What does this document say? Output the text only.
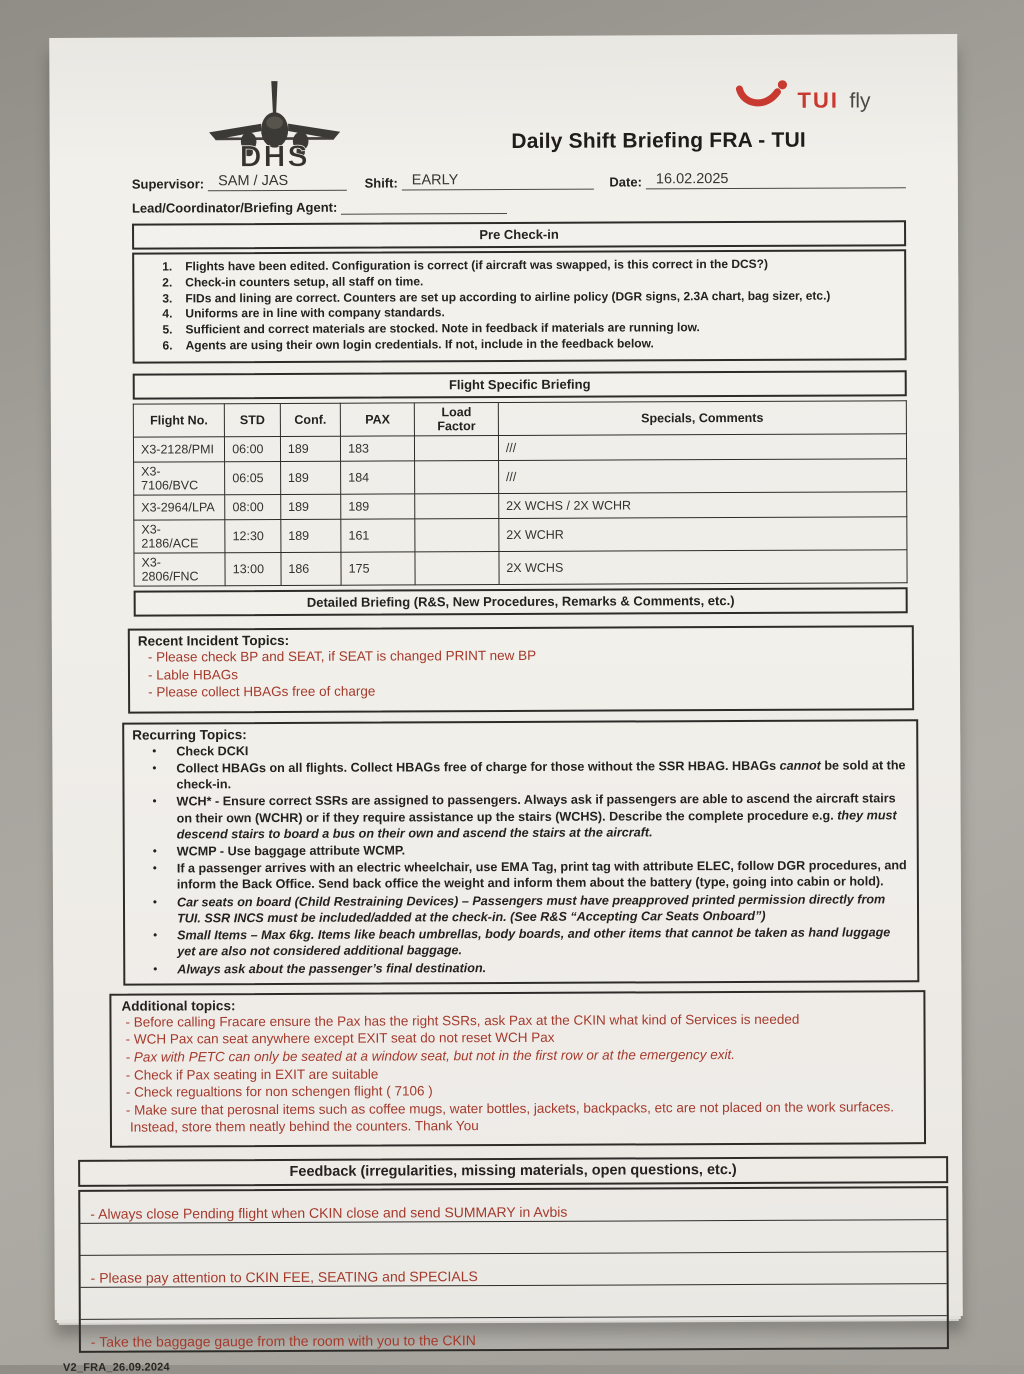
DHS
TUI fly
Daily Shift Briefing FRA - TUI
Supervisor: SAM / JAS	Shift: EARLY	Date: 16.02.2025
Lead/Coordinator/Briefing Agent:
Pre Check-in
1.	Flights have been edited. Configuration is correct (if aircraft was swapped, is this correct in the DCS?)
2.	Check-in counters setup, all staff on time.
3.	FIDs and lining are correct. Counters are set up according to airline policy (DGR signs, 2.3A chart, bag sizer, etc.)
4.	Uniforms are in line with company standards.
5.	Sufficient and correct materials are stocked. Note in feedback if materials are running low.
6.	Agents are using their own login credentials. If not, include in the feedback below.
Flight Specific Briefing
Flight No.	STD	Conf.	PAX	Load Factor	Specials, Comments
X3-2128/PMI	06:00	189	183		///
X3-7106/BVC	06:05	189	184		///
X3-2964/LPA	08:00	189	189		2X WCHS / 2X WCHR
X3-2186/ACE	12:30	189	161		2X WCHR
X3-2806/FNC	13:00	186	175		2X WCHS
Detailed Briefing (R&S, New Procedures, Remarks & Comments, etc.)
Recent Incident Topics:
- Please check BP and SEAT, if SEAT is changed PRINT new BP
- Lable HBAGs
- Please collect HBAGs free of charge
Recurring Topics:
•	Check DCKI
•	Collect HBAGs on all flights. Collect HBAGs free of charge for those without the SSR HBAG. HBAGs cannot be sold at the check-in.
•	WCH* - Ensure correct SSRs are assigned to passengers. Always ask if passengers are able to ascend the aircraft stairs on their own (WCHR) or if they require assistance up the stairs (WCHS). Describe the complete procedure e.g. they must descend stairs to board a bus on their own and ascend the stairs at the aircraft.
•	WCMP - Use baggage attribute WCMP.
•	If a passenger arrives with an electric wheelchair, use EMA Tag, print tag with attribute ELEC, follow DGR procedures, and inform the Back Office. Send back office the weight and inform them about the battery (type, going into cabin or hold).
•	Car seats on board (Child Restraining Devices) – Passengers must have preapproved printed permission directly from TUI. SSR INCS must be included/added at the check-in. (See R&S “Accepting Car Seats Onboard”)
•	Small Items – Max 6kg. Items like beach umbrellas, body boards, and other items that cannot be taken as hand luggage yet are also not considered additional baggage.
•	Always ask about the passenger’s final destination.
Additional topics:
- Before calling Fracare ensure the Pax has the right SSRs, ask Pax at the CKIN what kind of Services is needed
- WCH Pax can seat anywhere except EXIT seat do not reset WCH Pax
- Pax with PETC can only be seated at a window seat, but not in the first row or at the emergency exit.
- Check if Pax seating in EXIT are suitable
- Check regualtions for non schengen flight ( 7106 )
- Make sure that perosnal items such as coffee mugs, water bottles, jackets, backpacks, etc are not placed on the work surfaces. Instead, store them neatly behind the counters. Thank You
Feedback (irregularities, missing materials, open questions, etc.)
- Always close Pending flight when CKIN close and send SUMMARY in Avbis
- Please pay attention to CKIN FEE, SEATING and SPECIALS
- Take the baggage gauge from the room with you to the CKIN
V2_FRA_26.09.2024
